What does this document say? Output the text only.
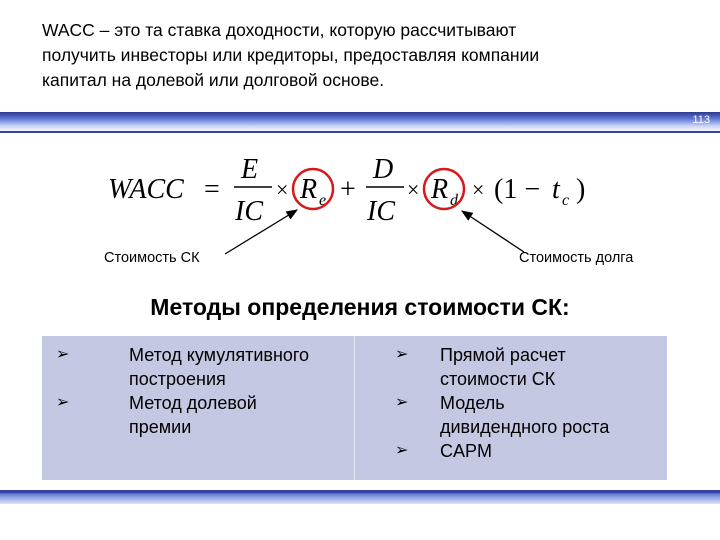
WACC – это та ставка доходности, которую рассчитывают
получить инвесторы или кредиторы, предоставляя компании
капитал на долевой или долговой основе.
113
WACC =
E
IC
× R e +
D
IC
× R d × (1 − t c )
Стоимость СК	Стоимость долга
Методы определения стоимости СК:
➢	Метод кумулятивного
построения
➢	Метод долевой
премии
➢ Прямой расчет
стоимости СК
➢ Модель
дивидендного роста
➢ CAPM
